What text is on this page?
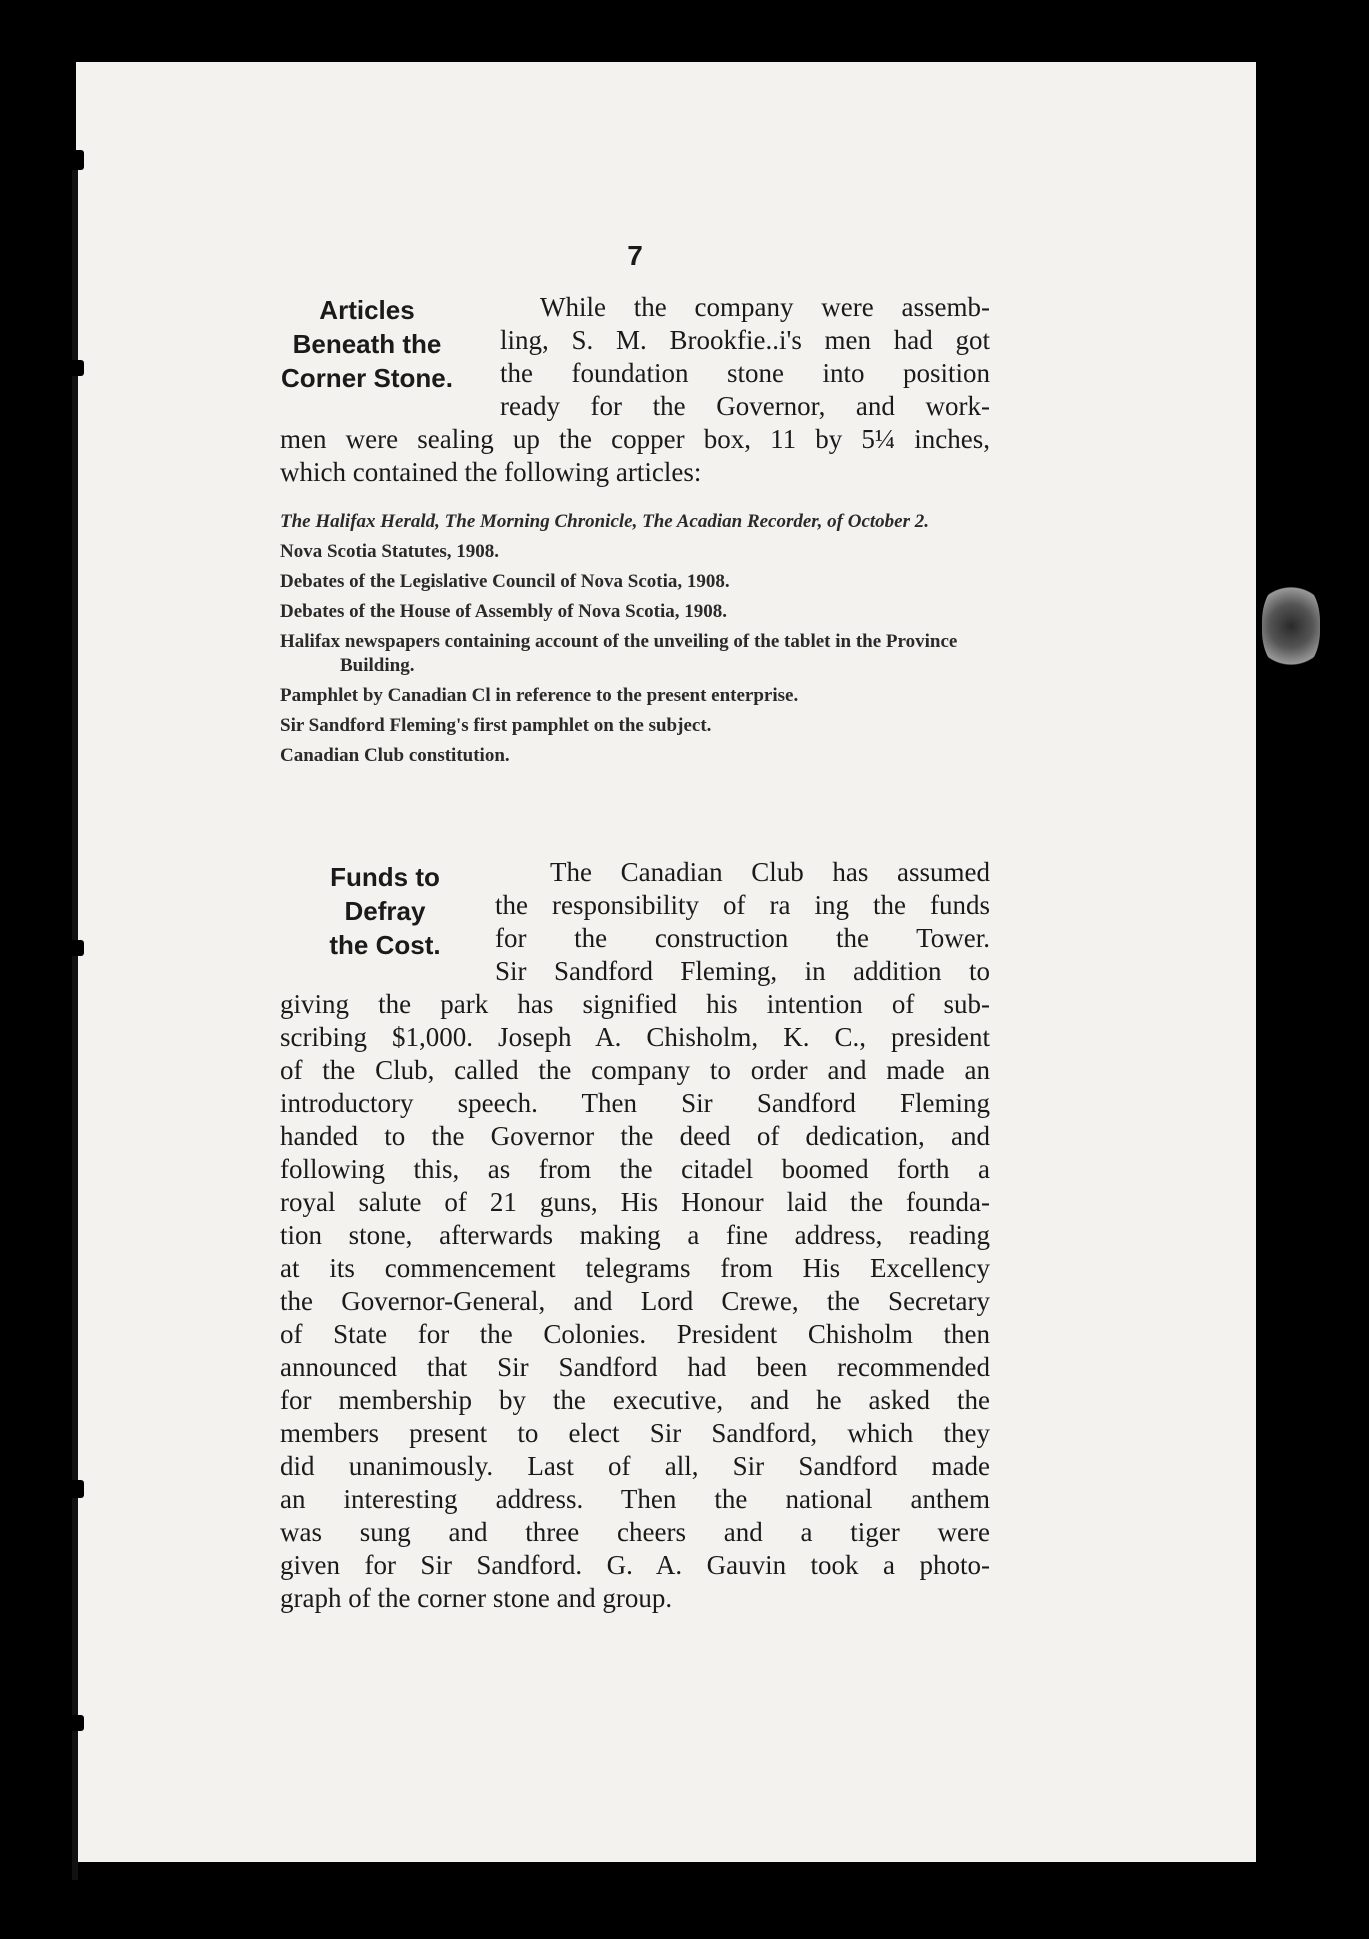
7
Articles
Beneath the
Corner Stone.
While the company were assemb-
ling, S. M. Brookfie..i's men had got
the foundation stone into position
ready for the Governor, and work-
men were sealing up the copper box, 11 by 5¼ inches,
which contained the following articles:
The Halifax Herald, The Morning Chronicle, The Acadian Recorder, of October 2.
Nova Scotia Statutes, 1908.
Debates of the Legislative Council of Nova Scotia, 1908.
Debates of the House of Assembly of Nova Scotia, 1908.
Halifax newspapers containing account of the unveiling of the tablet in the Province Building.
Pamphlet by Canadian Cl in reference to the present enterprise.
Sir Sandford Fleming's first pamphlet on the subject.
Canadian Club constitution.
Funds to
Defray
the Cost.
The Canadian Club has assumed
the responsibility of ra ing the funds
for the construction the Tower.
Sir Sandford Fleming, in addition to
giving the park has signified his intention of sub-
scribing $1,000. Joseph A. Chisholm, K. C., president
of the Club, called the company to order and made an
introductory speech. Then Sir Sandford Fleming
handed to the Governor the deed of dedication, and
following this, as from the citadel boomed forth a
royal salute of 21 guns, His Honour laid the founda-
tion stone, afterwards making a fine address, reading
at its commencement telegrams from His Excellency
the Governor-General, and Lord Crewe, the Secretary
of State for the Colonies. President Chisholm then
announced that Sir Sandford had been recommended
for membership by the executive, and he asked the
members present to elect Sir Sandford, which they
did unanimously. Last of all, Sir Sandford made
an interesting address. Then the national anthem
was sung and three cheers and a tiger were
given for Sir Sandford. G. A. Gauvin took a photo-
graph of the corner stone and group.
